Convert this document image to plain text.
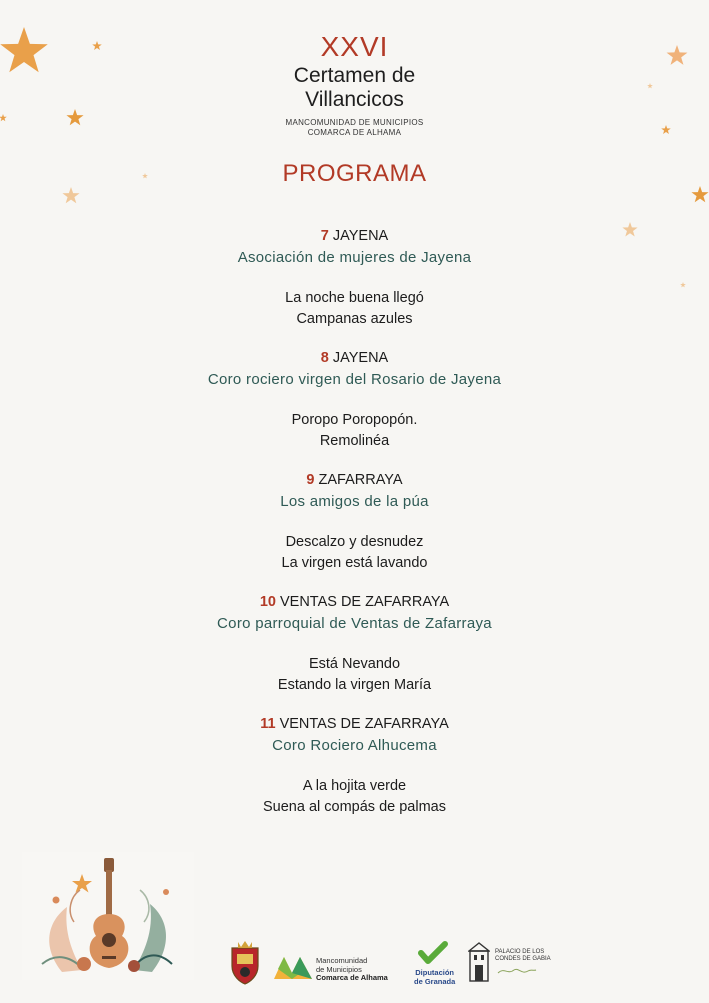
XXVI
Certamen de
Villancicos
MANCOMUNIDAD DE MUNICIPIOS
COMARCA DE ALHAMA
PROGRAMA
7 JAYENA
Asociación de mujeres de Jayena
La noche buena llegó
Campanas azules
8 JAYENA
Coro rociero virgen del Rosario de Jayena
Poropo Poropopón.
Remolinéa
9 ZAFARRAYA
Los amigos de la púa
Descalzo y desnudez
La virgen está lavando
10 VENTAS DE ZAFARRAYA
Coro parroquial de Ventas de Zafarraya
Está Nevando
Estando la virgen María
11 VENTAS DE ZAFARRAYA
Coro Rociero Alhucema
A la hojita verde
Suena al compás de palmas
Mancomunidad
de Municipios
Comarca de Alhama
Diputación
de Granada
PALACIO DE LOS
CONDES DE GABIA
